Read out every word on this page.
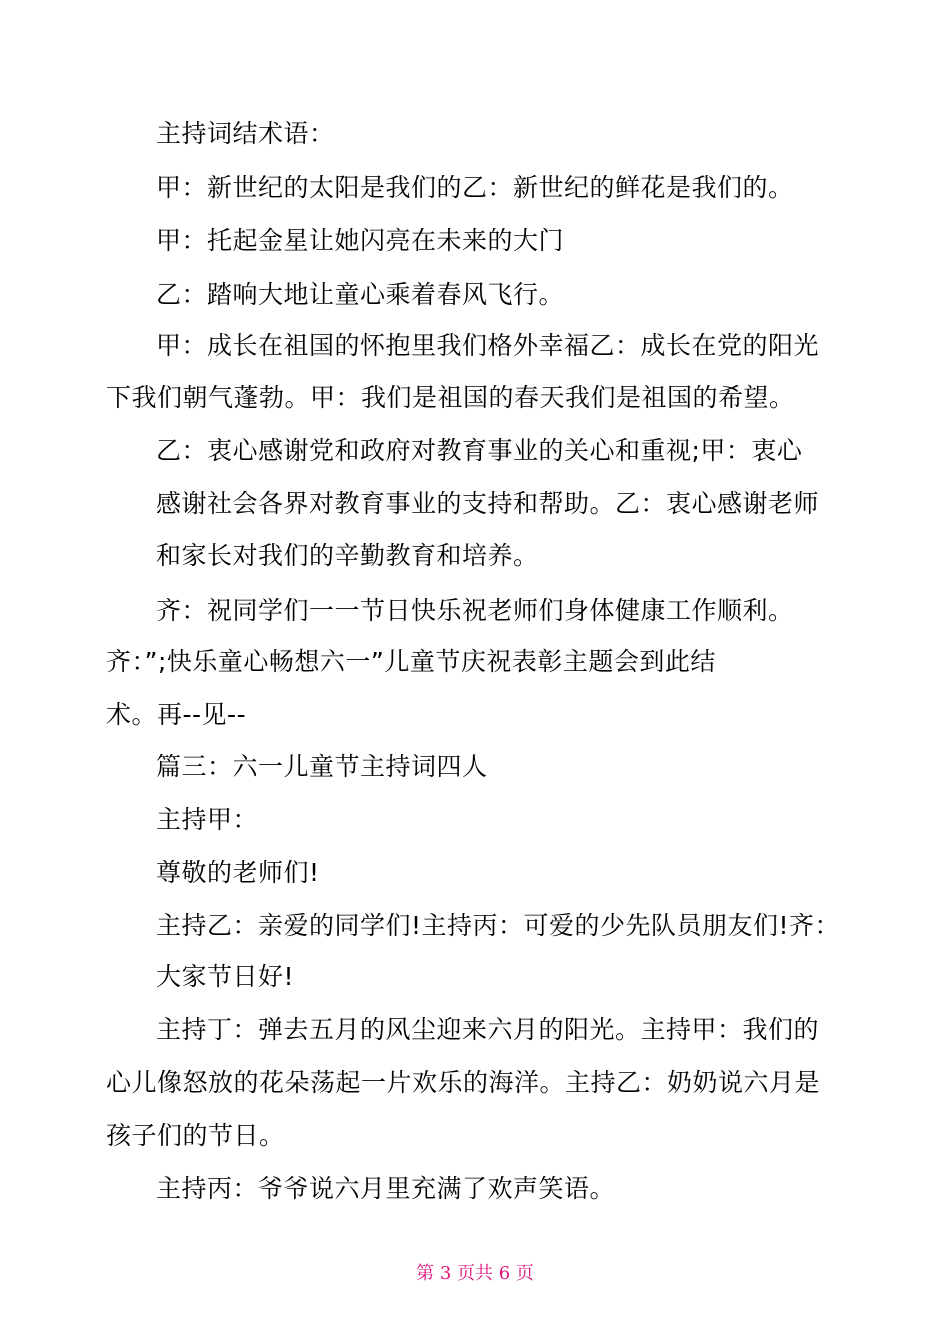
主持词结术语：

甲：新世纪的太阳是我们的乙：新世纪的鲜花是我们的。

甲：托起金星让她闪亮在未来的大门

乙：踏响大地让童心乘着春风飞行。

甲：成长在祖国的怀抱里我们格外幸福乙：成长在党的阳光

下我们朝气蓬勃。甲：我们是祖国的春天我们是祖国的希望。

乙：衷心感谢党和政府对教育事业的关心和重视;甲：衷心

感谢社会各界对教育事业的支持和帮助。乙：衷心感谢老师

和家长对我们的辛勤教育和培养。

齐：祝同学们一一节日快乐祝老师们身体健康工作顺利。

齐：”;快乐童心畅想六一”儿童节庆祝表彰主题会到此结

术。再--见--

篇三：六一儿童节主持词四人

主持甲：

尊敬的老师们!

主持乙：亲爱的同学们!主持丙：可爱的少先队员朋友们!齐：

大家节日好!

主持丁：弹去五月的风尘迎来六月的阳光。主持甲：我们的

心儿像怒放的花朵荡起一片欢乐的海洋。主持乙：奶奶说六月是

孩子们的节日。

主持丙：爷爷说六月里充满了欢声笑语。

第 3 页共 6 页
